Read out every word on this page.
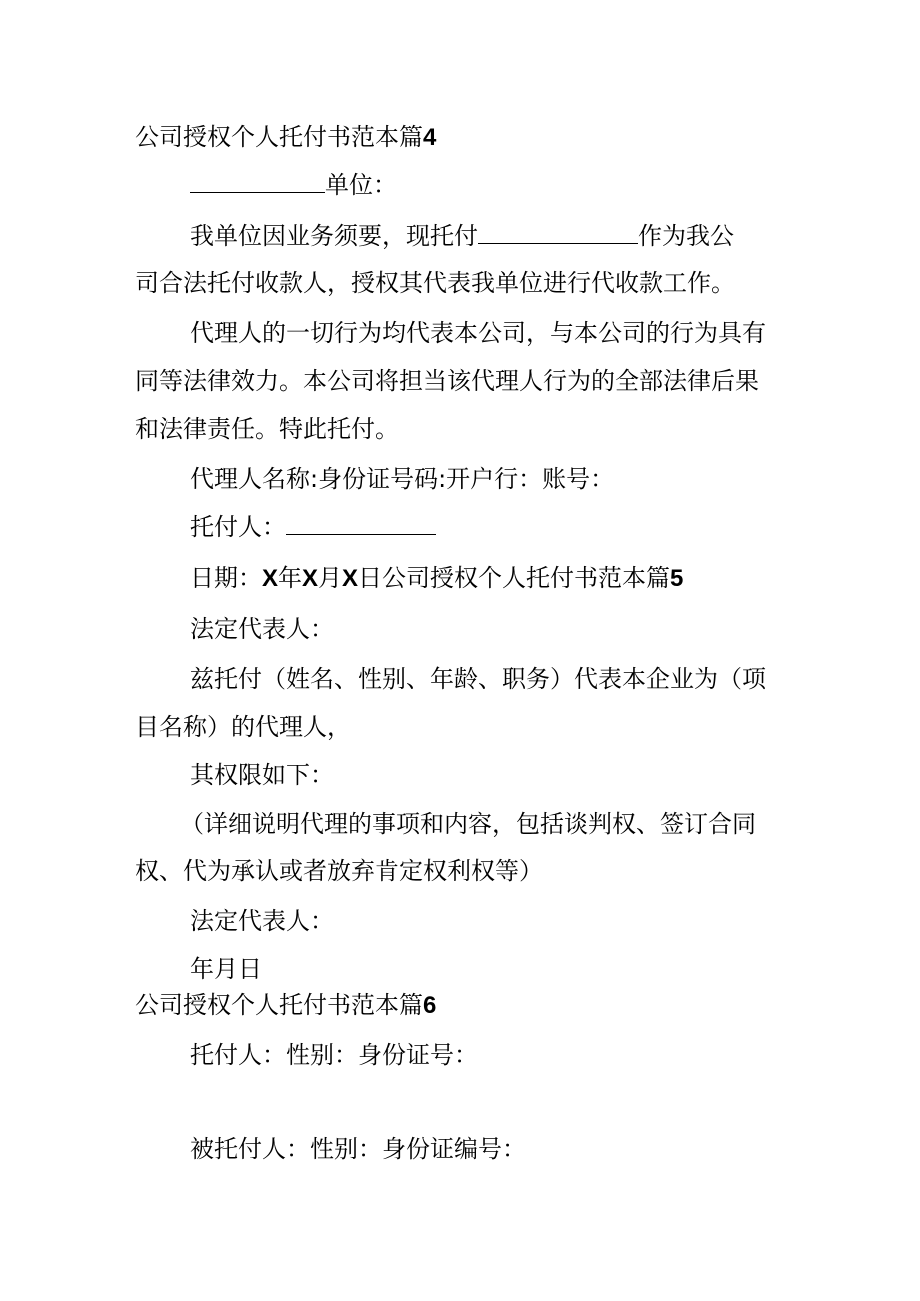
公司授权个人托付书范本篇4
单位：
我单位因业务须要，现托付	作为我公
司合法托付收款人，授权其代表我单位进行代收款工作。
代理人的一切行为均代表本公司，与本公司的行为具有
同等法律效力。本公司将担当该代理人行为的全部法律后果
和法律责任。特此托付。
代理人名称:身份证号码:开户行：账号：
托付人：
日期：X年X月X日公司授权个人托付书范本篇5
法定代表人：
兹托付（姓名、性别、年龄、职务）代表本企业为（项
目名称）的代理人，
其权限如下：
（详细说明代理的事项和内容，包括谈判权、签订合同
权、代为承认或者放弃肯定权利权等）
法定代表人：
年月日
公司授权个人托付书范本篇6
托付人：性别：身份证号：
被托付人：性别：身份证编号：
